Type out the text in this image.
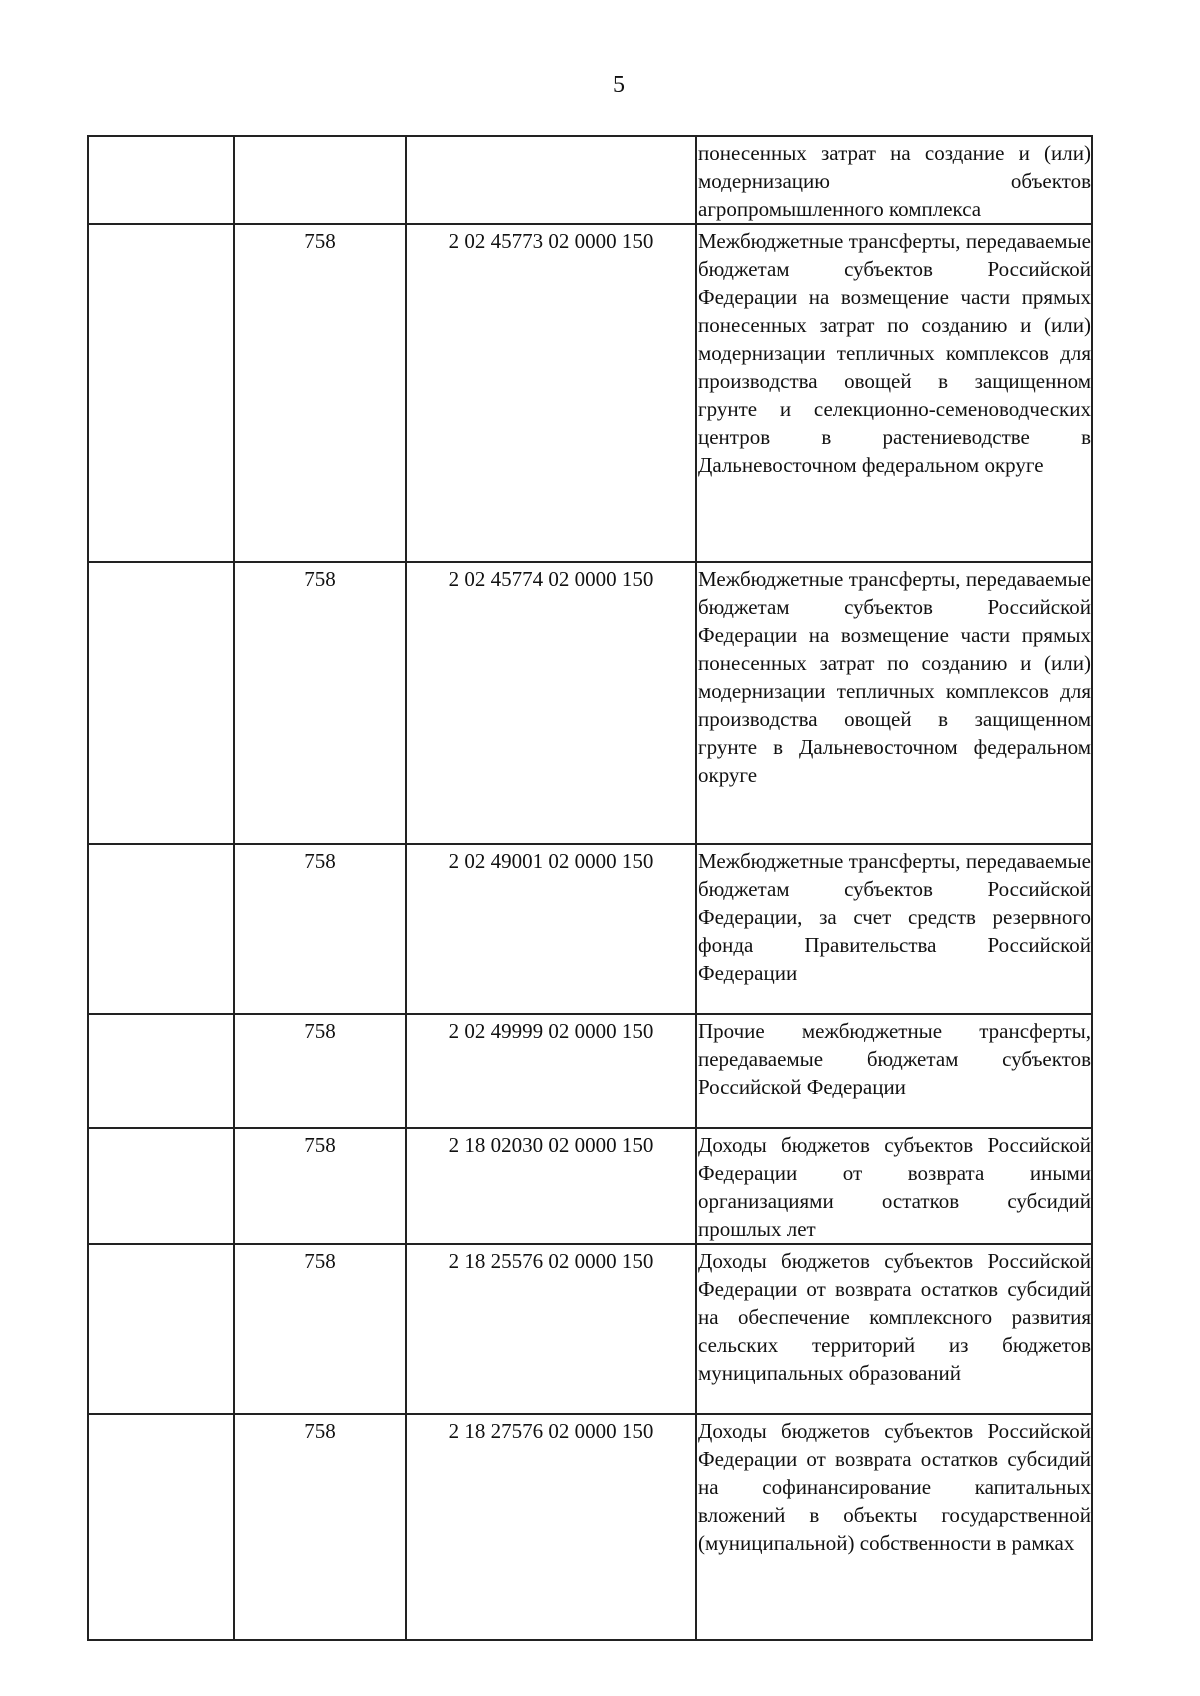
5

			понесенных затрат на создание и (или) модернизацию объектов агропромышленного комплекса

	758	2 02 45773 02 0000 150	Межбюджетные трансферты, передаваемые бюджетам субъектов Российской Федерации на возмещение части прямых понесенных затрат по созданию и (или) модернизации тепличных комплексов для производства овощей в защищенном грунте и селекционно-семеноводческих центров в растениеводстве в Дальневосточном федеральном округе

	758	2 02 45774 02 0000 150	Межбюджетные трансферты, передаваемые бюджетам субъектов Российской Федерации на возмещение части прямых понесенных затрат по созданию и (или) модернизации тепличных комплексов для производства овощей в защищенном грунте в Дальневосточном федеральном округе

	758	2 02 49001 02 0000 150	Межбюджетные трансферты, передаваемые бюджетам субъектов Российской Федерации, за счет средств резервного фонда Правительства Российской Федерации

	758	2 02 49999 02 0000 150	Прочие межбюджетные трансферты, передаваемые бюджетам субъектов Российской Федерации

	758	2 18 02030 02 0000 150	Доходы бюджетов субъектов Российской Федерации от возврата иными организациями остатков субсидий прошлых лет

	758	2 18 25576 02 0000 150	Доходы бюджетов субъектов Российской Федерации от возврата остатков субсидий на обеспечение комплексного развития сельских территорий из бюджетов муниципальных образований

	758	2 18 27576 02 0000 150	Доходы бюджетов субъектов Российской Федерации от возврата остатков субсидий на софинансирование капитальных вложений в объекты государственной (муниципальной) собственности в рамках
